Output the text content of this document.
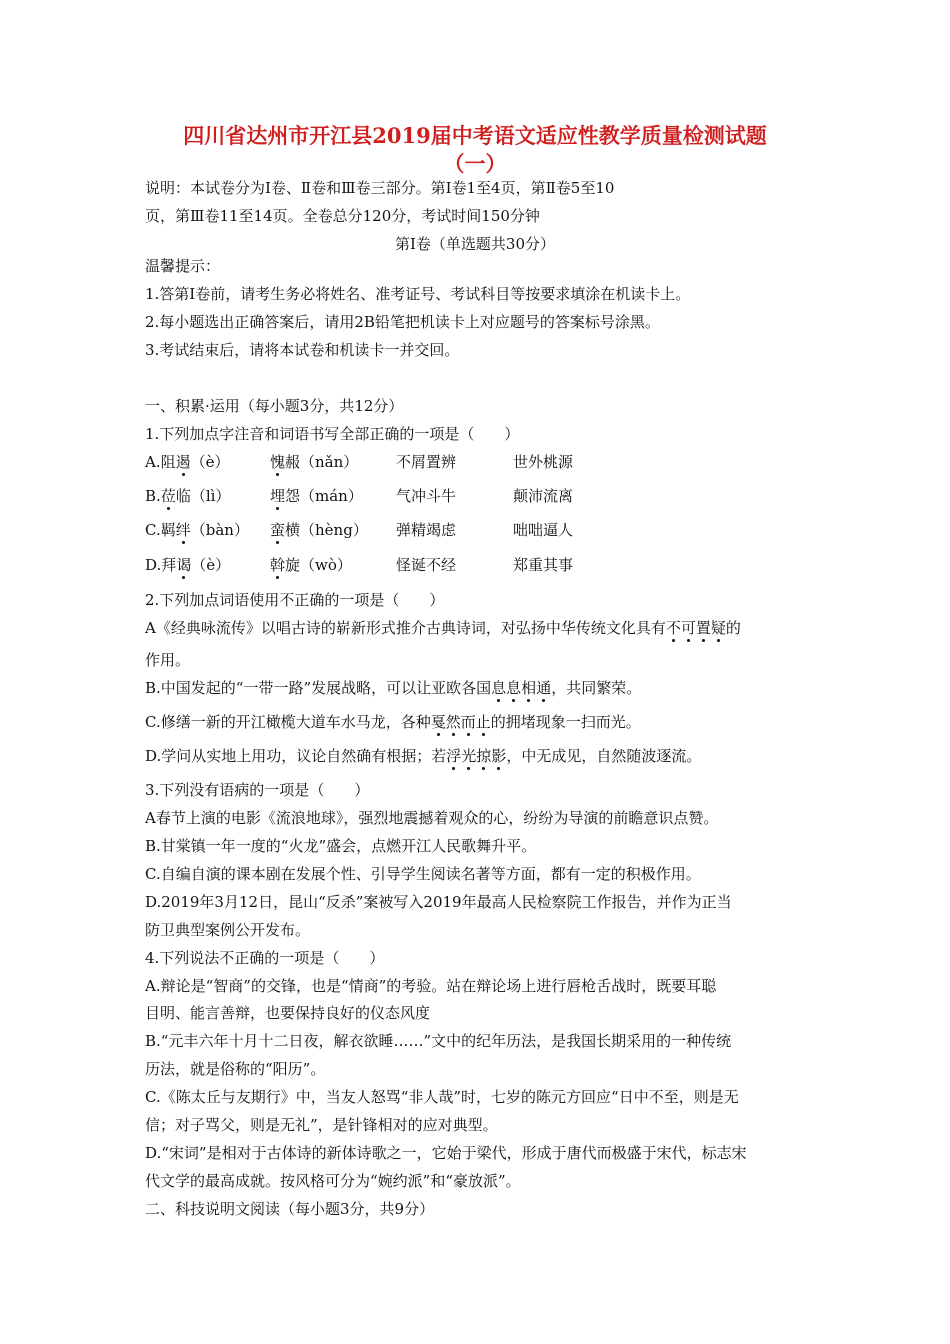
四川省达州市开江县2019届中考语文适应性教学质量检测试题
（一）
说明：本试卷分为Ⅰ卷、Ⅱ卷和Ⅲ卷三部分。第Ⅰ卷1至4页，第Ⅱ卷5至10
页，第Ⅲ卷11至14页。全卷总分120分，考试时间150分钟
第Ⅰ卷（单选题共30分）
温馨提示：
1.答第Ⅰ卷前，请考生务必将姓名、准考证号、考试科目等按要求填涂在机读卡上。
2.每小题选出正确答案后，请用2B铅笔把机读卡上对应题号的答案标号涂黑。
3.考试结束后，请将本试卷和机读卡一并交回。
一、积累·运用（每小题3分，共12分）
1.下列加点字注音和词语书写全部正确的一项是（　　）
A.阻遏（è）	愧赧（nǎn）	不屑置辨	世外桃源
B.莅临（lì）	埋怨（mán） 气冲斗牛	颠沛流离
C.羁绊（bàn） 蛮横（hèng） 弹精竭虑	咄咄逼人
D.拜谒（è）	斡旋（wò）	怪诞不经	郑重其事
2.下列加点词语使用不正确的一项是（　　）
A《经典咏流传》以唱古诗的崭新形式推介古典诗词，对弘扬中华传统文化具有不可置疑的
作用。
B.中国发起的“一带一路”发展战略，可以让亚欧各国息息相通，共同繁荣。
C.修缮一新的开江橄榄大道车水马龙，各种戛然而止的拥堵现象一扫而光。
D.学问从实地上用功，议论自然确有根据；若浮光掠影，中无成见，自然随波逐流。
3.下列没有语病的一项是（　　）
A春节上演的电影《流浪地球》，强烈地震撼着观众的心，纷纷为导演的前瞻意识点赞。
B.甘棠镇一年一度的“火龙”盛会，点燃开江人民歌舞升平。
C.自编自演的课本剧在发展个性、引导学生阅读名著等方面，都有一定的积极作用。
D.2019年3月12日，昆山“反杀”案被写入2019年最高人民检察院工作报告，并作为正当
防卫典型案例公开发布。
4.下列说法不正确的一项是（　　）
A.辩论是“智商”的交锋，也是“情商”的考验。站在辩论场上进行唇枪舌战时，既要耳聪
目明、能言善辩，也要保持良好的仪态风度
B.“元丰六年十月十二日夜，解衣欲睡……”文中的纪年历法，是我国长期采用的一种传统
历法，就是俗称的“阳历”。
C.《陈太丘与友期行》中，当友人怒骂“非人哉”时，七岁的陈元方回应“日中不至，则是无
信；对子骂父，则是无礼”，是针锋相对的应对典型。
D.“宋词”是相对于古体诗的新体诗歌之一，它始于梁代，形成于唐代而极盛于宋代，标志宋
代文学的最高成就。按风格可分为“婉约派”和“豪放派”。
二、科技说明文阅读（每小题3分，共9分）
